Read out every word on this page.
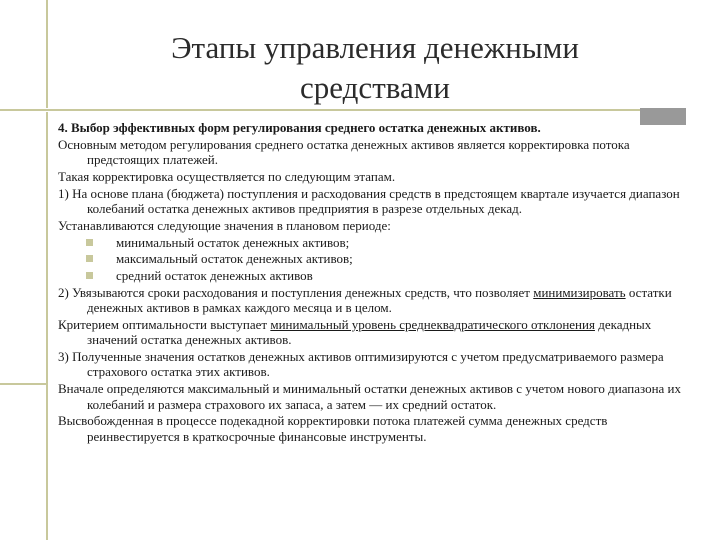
Этапы управления денежными средствами

4. Выбор эффективных форм регулирования среднего остатка денежных активов.

Основным методом регулирования среднего остатка денежных активов является корректировка потока предстоящих платежей.

Такая корректировка осуществляется по следующим этапам.

1) На основе плана (бюджета) поступления и расходования средств в предстоящем квартале изучается диапазон колебаний остатка денежных активов предприятия в разрезе отдельных декад.

Устанавливаются следующие значения в плановом периоде:

минимальный остаток денежных активов;
максимальный остаток денежных активов;
средний остаток денежных активов

2) Увязываются сроки расходования и поступления денежных средств, что позволяет минимизировать остатки денежных активов в рамках каждого месяца и в целом.

Критерием оптимальности выступает минимальный уровень среднеквадратического отклонения декадных значений остатка денежных активов.

3) Полученные значения остатков денежных активов оптимизируются с учетом предусматриваемого размера страхового остатка этих активов.

Вначале определяются максимальный и минимальный остатки денежных активов с учетом нового диапазона их колебаний и размера страхового их запаса, а затем — их средний остаток.

Высвобожденная в процессе подекадной корректировки потока платежей сумма денежных средств реинвестируется в краткосрочные финансовые инструменты.
